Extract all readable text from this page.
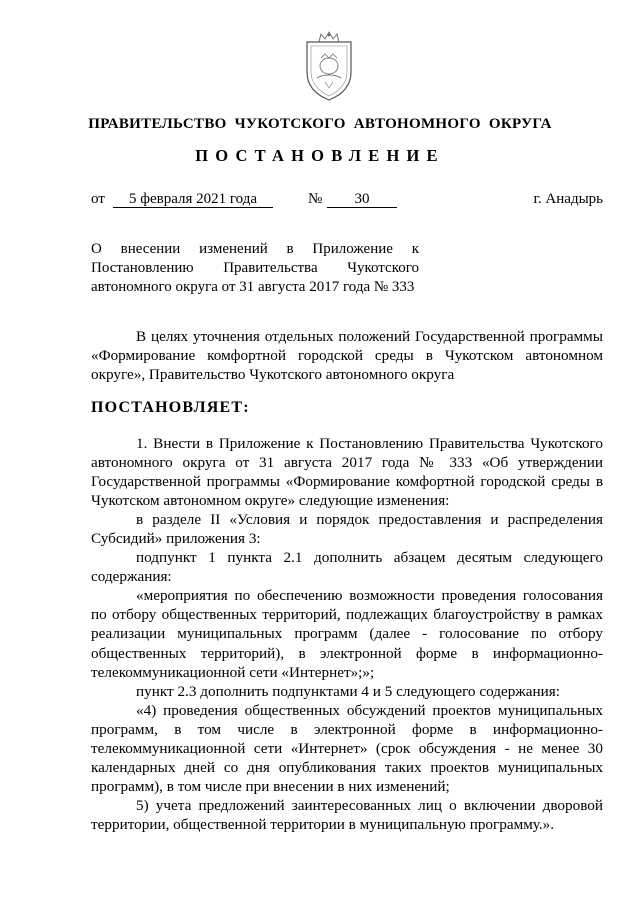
ПРАВИТЕЛЬСТВО ЧУКОТСКОГО АВТОНОМНОГО ОКРУГА
ПОСТАНОВЛЕНИЕ
от	5 февраля 2021 года	№	30	г. Анадырь

О внесении изменений в Приложение к

Постановлению Правительства Чукотского

автономного округа от 31 августа 2017 года № 333

В целях уточнения отдельных положений Государственной программы

«Формирование комфортной городской среды в Чукотском автономном

округе», Правительство Чукотского автономного округа

ПОСТАНОВЛЯЕТ:

1. Внести в Приложение к Постановлению Правительства Чукотского

автономного округа от 31 августа 2017 года № 333 «Об утверждении

Государственной программы «Формирование комфортной городской среды в

Чукотском автономном округе» следующие изменения:

в разделе II «Условия и порядок предоставления и распределения

Субсидий» приложения 3:

подпункт 1 пункта 2.1 дополнить абзацем десятым следующего

содержания:

«мероприятия по обеспечению возможности проведения голосования

по отбору общественных территорий, подлежащих благоустройству в рамках

реализации муниципальных программ (далее - голосование по отбору

общественных территорий), в электронной форме в информационно-

телекоммуникационной сети «Интернет»;»;

пункт 2.3 дополнить подпунктами 4 и 5 следующего содержания:

«4) проведения общественных обсуждений проектов муниципальных

программ, в том числе в электронной форме в информационно-

телекоммуникационной сети «Интернет» (срок обсуждения - не менее 30

календарных дней со дня опубликования таких проектов муниципальных

программ), в том числе при внесении в них изменений;

5) учета предложений заинтересованных лиц о включении дворовой

территории, общественной территории в муниципальную программу.».
